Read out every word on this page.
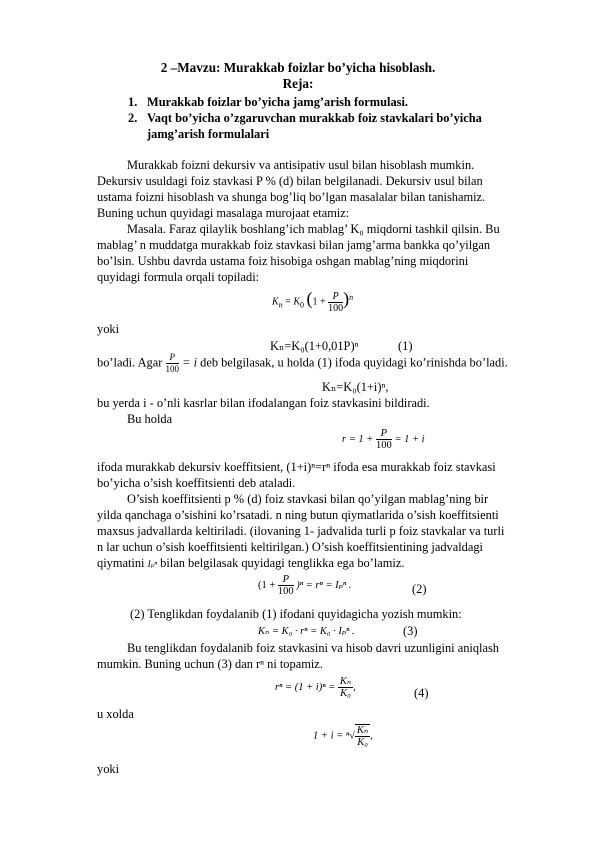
2 –Mavzu: Murakkab foizlar bo’yicha hisoblash.
Reja:
1. Murakkab foizlar bo’yicha jamg’arish formulasi.
2. Vaqt bo’yicha o’zgaruvchan murakkab foiz stavkalari bo’yicha
jamg’arish formulalari
Murakkab foizni dekursiv va antisipativ usul bilan hisoblash mumkin.
Dekursiv usuldagi foiz stavkasi P % (d) bilan belgilanadi. Dekursiv usul bilan
ustama foizni hisoblash va shunga bog’liq bo’lgan masalalar bilan tanishamiz.
Buning uchun quyidagi masalaga murojaat etamiz:
Masala. Faraz qilaylik boshlang’ich mablag’ K₀ miqdorni tashkil qilsin. Bu
mablag’ n muddatga murakkab foiz stavkasi bilan jamg’arma bankka qo’yilgan
bo’lsin. Ushbu davrda ustama foiz hisobiga oshgan mablag’ning miqdorini
quyidagi formula orqali topiladi:
$K_n = K_0$ $(1 + \frac{P}{100} )^n$
yoki
Kₙ=K₀(1+0,01P)ⁿ	(1)
bo’ladi. Agar $\frac{P}{100} = i$ deb belgilasak, u holda (1) ifoda quyidagi ko’rinishda bo’ladi.
Kₙ=K₀(1+i)ⁿ,
bu yerda i - o’nli kasrlar bilan ifodalangan foiz stavkasini bildiradi.
Bu holda
$r = 1 + \frac{P}{100} = 1 + i$
ifoda murakkab dekursiv koeffitsient, (1+i)ⁿ=rⁿ ifoda esa murakkab foiz stavkasi
bo’yicha o’sish koeffitsienti deb ataladi.
O’sish koeffitsienti p % (d) foiz stavkasi bilan qo’yilgan mablag’ning bir
yilda qanchaga o’sishini ko’rsatadi. n ning butun qiymatlarida o’sish koeffitsienti
maxsus jadvallarda keltiriladi. (ilovaning 1- jadvalida turli p foiz stavkalar va turli
n lar uchun o’sish koeffitsienti keltirilgan.) O’sish koeffitsientining jadvaldagi
qiymatini Iₚⁿ bilan belgilasak quyidagi tenglikka ega bo’lamiz.
$(1 + \frac{P}{100} )^n = r^n = I_p^n$ .	(2)
(2) Tenglikdan foydalanib (1) ifodani quyidagicha yozish mumkin:
Kₙ = K₀ · rⁿ = K₀ · Iₚⁿ .	(3)
Bu tenglikdan foydalanib foiz stavkasini va hisob davri uzunligini aniqlash
mumkin. Buning uchun (3) dan rⁿ ni topamiz.
$r^n = (1 + i)^n = \frac{\text{Kₙ}}{\text{K₀}}$ ,	(4)
u xolda
$1 + i = ^n√ \frac{\text{Kₙ}}{\text{K₀}}$ ,
yoki
